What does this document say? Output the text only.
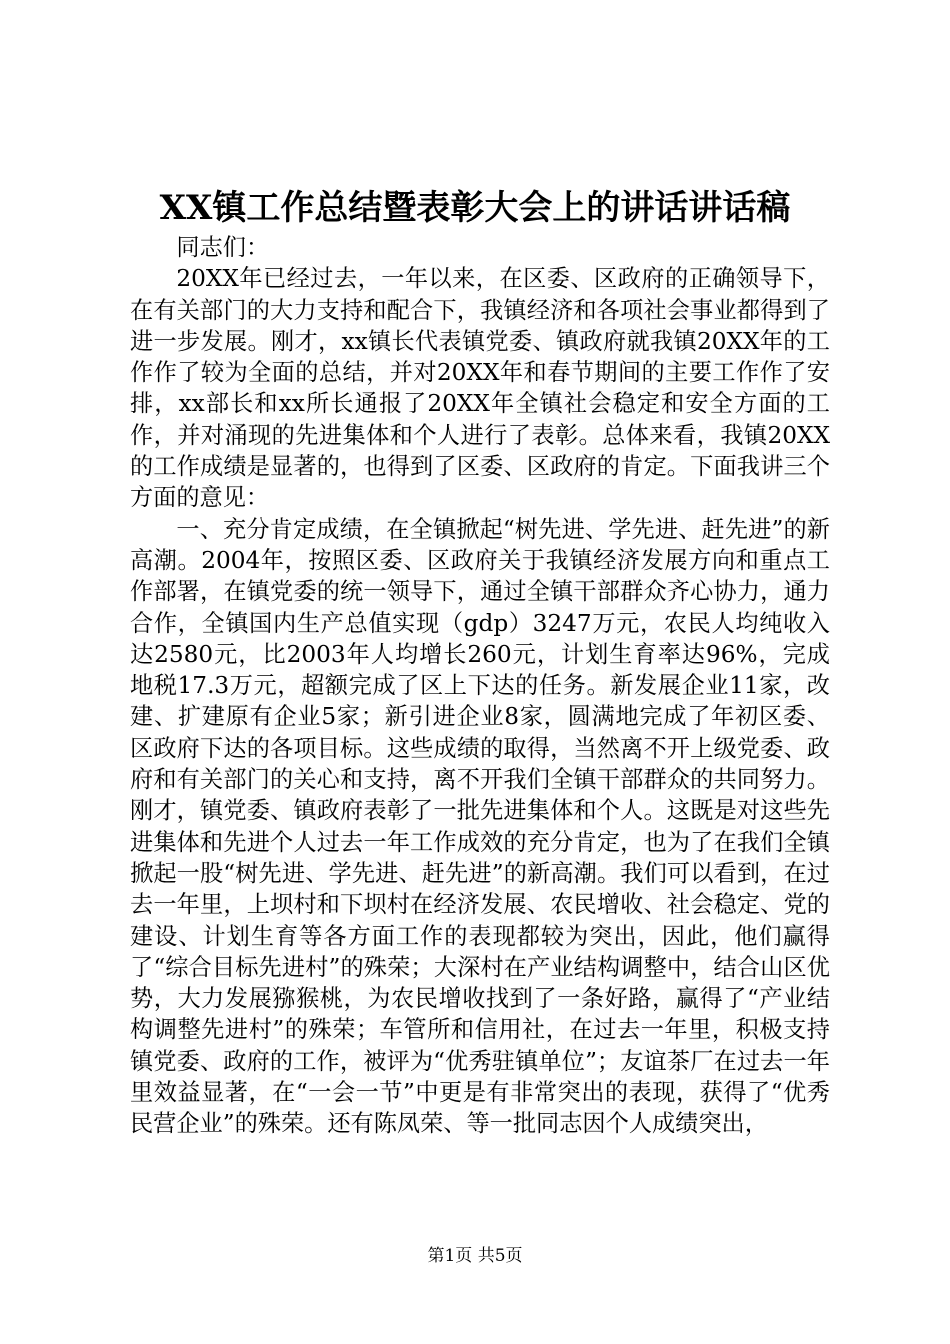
XX镇工作总结暨表彰大会上的讲话讲话稿

同志们：

20XX年已经过去，一年以来，在区委、区政府的正确领导下，在有关部门的大力支持和配合下，我镇经济和各项社会事业都得到了进一步发展。刚才，xx镇长代表镇党委、镇政府就我镇20XX年的工作作了较为全面的总结，并对20XX年和春节期间的主要工作作了安排，xx部长和xx所长通报了20XX年全镇社会稳定和安全方面的工作，并对涌现的先进集体和个人进行了表彰。总体来看，我镇20XX的工作成绩是显著的，也得到了区委、区政府的肯定。下面我讲三个方面的意见：

一、充分肯定成绩，在全镇掀起“树先进、学先进、赶先进”的新高潮。2004年，按照区委、区政府关于我镇经济发展方向和重点工作部署，在镇党委的统一领导下，通过全镇干部群众齐心协力，通力合作，全镇国内生产总值实现（gdp）3247万元，农民人均纯收入达2580元，比2003年人均增长260元，计划生育率达96%，完成地税17.3万元，超额完成了区上下达的任务。新发展企业11家，改建、扩建原有企业5家；新引进企业8家，圆满地完成了年初区委、区政府下达的各项目标。这些成绩的取得，当然离不开上级党委、政府和有关部门的关心和支持，离不开我们全镇干部群众的共同努力。刚才，镇党委、镇政府表彰了一批先进集体和个人。这既是对这些先进集体和先进个人过去一年工作成效的充分肯定，也为了在我们全镇掀起一股“树先进、学先进、赶先进”的新高潮。我们可以看到，在过去一年里，上坝村和下坝村在经济发展、农民增收、社会稳定、党的建设、计划生育等各方面工作的表现都较为突出，因此，他们赢得了“综合目标先进村”的殊荣；大深村在产业结构调整中，结合山区优势，大力发展猕猴桃，为农民增收找到了一条好路，赢得了“产业结构调整先进村”的殊荣；车管所和信用社，在过去一年里，积极支持镇党委、政府的工作，被评为“优秀驻镇单位”；友谊茶厂在过去一年里效益显著，在“一会一节”中更是有非常突出的表现，获得了“优秀民营企业”的殊荣。还有陈凤荣、等一批同志因个人成绩突出，

第1页 共5页
